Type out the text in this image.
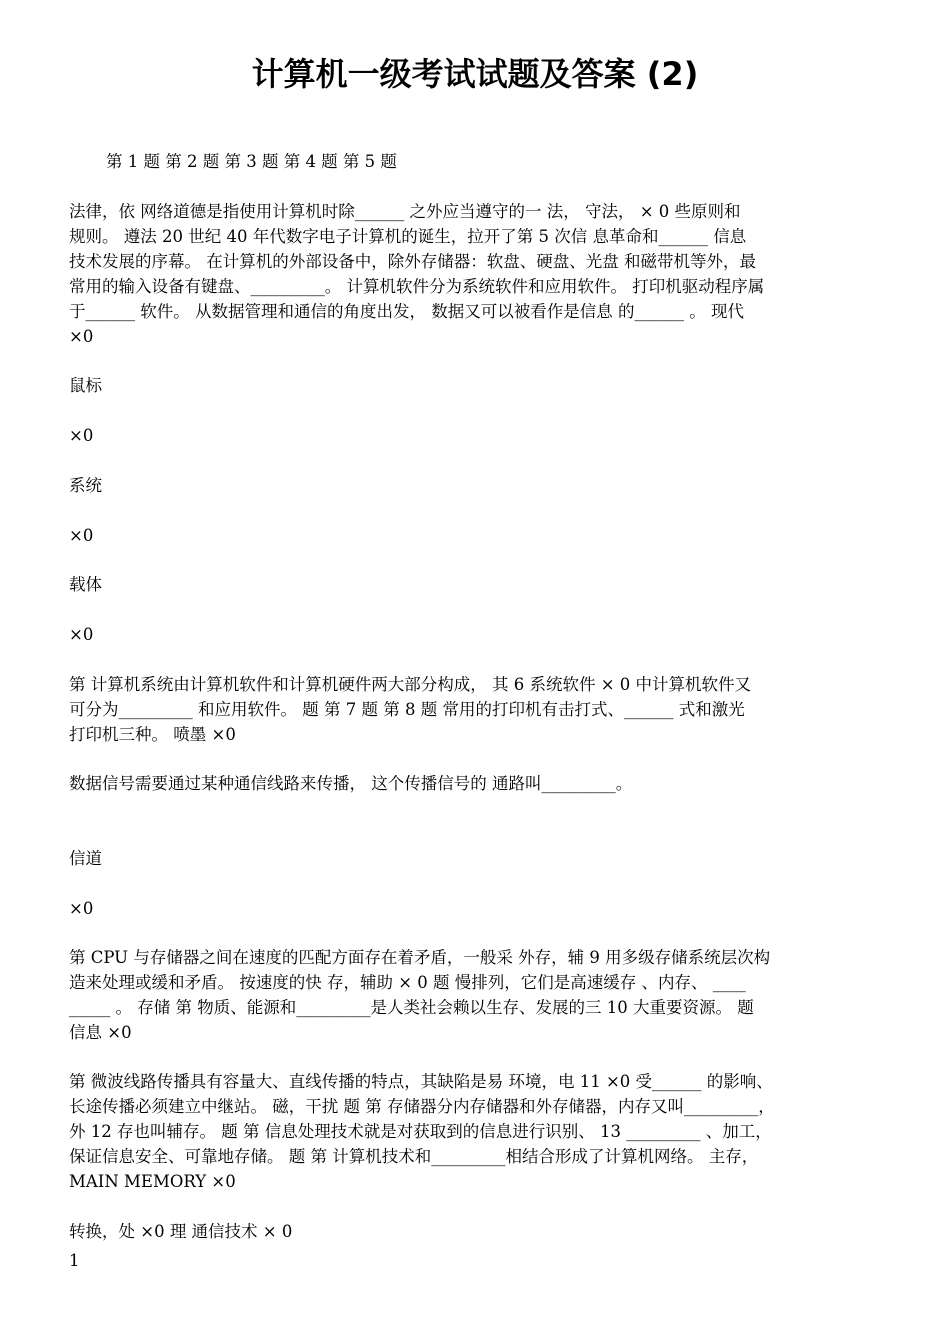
计算机一级考试试题及答案 (2)
第 1 题 第 2 题 第 3 题 第 4 题 第 5 题
法律，依 网络道德是指使用计算机时除______ 之外应当遵守的一 法， 守法， × 0 些原则和
规则。 遵法 20 世纪 40 年代数字电子计算机的诞生，拉开了第 5 次信 息革命和______ 信息
技术发展的序幕。 在计算机的外部设备中，除外存储器：软盘、硬盘、光盘 和磁带机等外，最
常用的输入设备有键盘、_________。 计算机软件分为系统软件和应用软件。 打印机驱动程序属
于______ 软件。 从数据管理和通信的角度出发， 数据又可以被看作是信息 的______ 。 现代
×0
鼠标
×0
系统
×0
载体
×0
第 计算机系统由计算机软件和计算机硬件两大部分构成， 其 6 系统软件 × 0 中计算机软件又
可分为_________ 和应用软件。 题 第 7 题 第 8 题 常用的打印机有击打式、______ 式和激光
打印机三种。 喷墨 ×0
数据信号需要通过某种通信线路来传播， 这个传播信号的 通路叫_________。
信道
×0
第 CPU 与存储器之间在速度的匹配方面存在着矛盾，一般采 外存，辅 9 用多级存储系统层次构
造来处理或缓和矛盾。 按速度的快 存，辅助 × 0 题 慢排列，它们是高速缓存 、内存、 ____
_____ 。 存储 第 物质、能源和_________是人类社会赖以生存、发展的三 10 大重要资源。 题
信息 ×0
第 微波线路传播具有容量大、直线传播的特点，其缺陷是易 环境，电 11 ×0 受______ 的影响、
长途传播必须建立中继站。 磁，干扰 题 第 存储器分内存储器和外存储器，内存又叫_________，
外 12 存也叫辅存。 题 第 信息处理技术就是对获取到的信息进行识别、 13 _________ 、加工，
保证信息安全、可靠地存储。 题 第 计算机技术和_________相结合形成了计算机网络。 主存，
MAIN MEMORY ×0
转换，处 ×0 理 通信技术 × 0
1
